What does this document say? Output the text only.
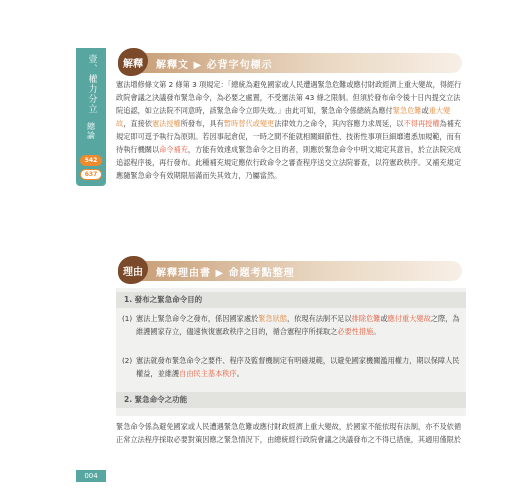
壹、權力分立
總論
542
637
解釋	解釋文 ▶ 必背字句標示

憲法增修條文第 2 條第 3 項規定：「總統為避免國家或人民遭遇緊急危難或應付財政經濟上重大變故，得經行政院會議之決議發布緊急命令，為必要之處置，不受憲法第 43 條之限制。但須於發布命令後十日內提交立法院追認，如立法院不同意時，該緊急命令立即失效。」由此可知，緊急命令係總統為應付緊急危難或重大變故，直接依憲法授權所發布，具有暫時替代或變更法律效力之命令，其內容應力求周延，以不得再授權為補充規定即可逕予執行為原則。若因事起倉促，一時之間不能就相關細節性、技術性事項巨細靡遺悉加規範，而有待執行機關以命令補充，方能有效達成緊急命令之目的者，則應於緊急命令中明文規定其意旨，於立法院完成追認程序後，再行發布。此種補充規定應依行政命令之審查程序送交立法院審查，以符憲政秩序。又補充規定應隨緊急命令有效期限屆滿而失其效力，乃屬當然。

理由	解釋理由書 ▶ 命題考點整理
1. 發布之緊急命令目的
(1) 憲法上緊急命令之發布，係因國家處於緊急狀態，依現有法制不足以排除危難或應付重大變故之際，為維護國家存立，儘速恢復憲政秩序之目的，循合憲程序所採取之必要性措施。
(2) 憲法就發布緊急命令之要件、程序及監督機制定有明確規範，以避免國家機關濫用權力，期以保障人民權益，並維護自由民主基本秩序。
2. 緊急命令之功能

緊急命令係為避免國家或人民遭遇緊急危難或應付財政經濟上重大變故，於國家不能依現有法制，亦不及依循正常立法程序採取必要對策因應之緊急情況下，由總統經行政院會議之決議發布之不得已措施，其適用僅限於

004
